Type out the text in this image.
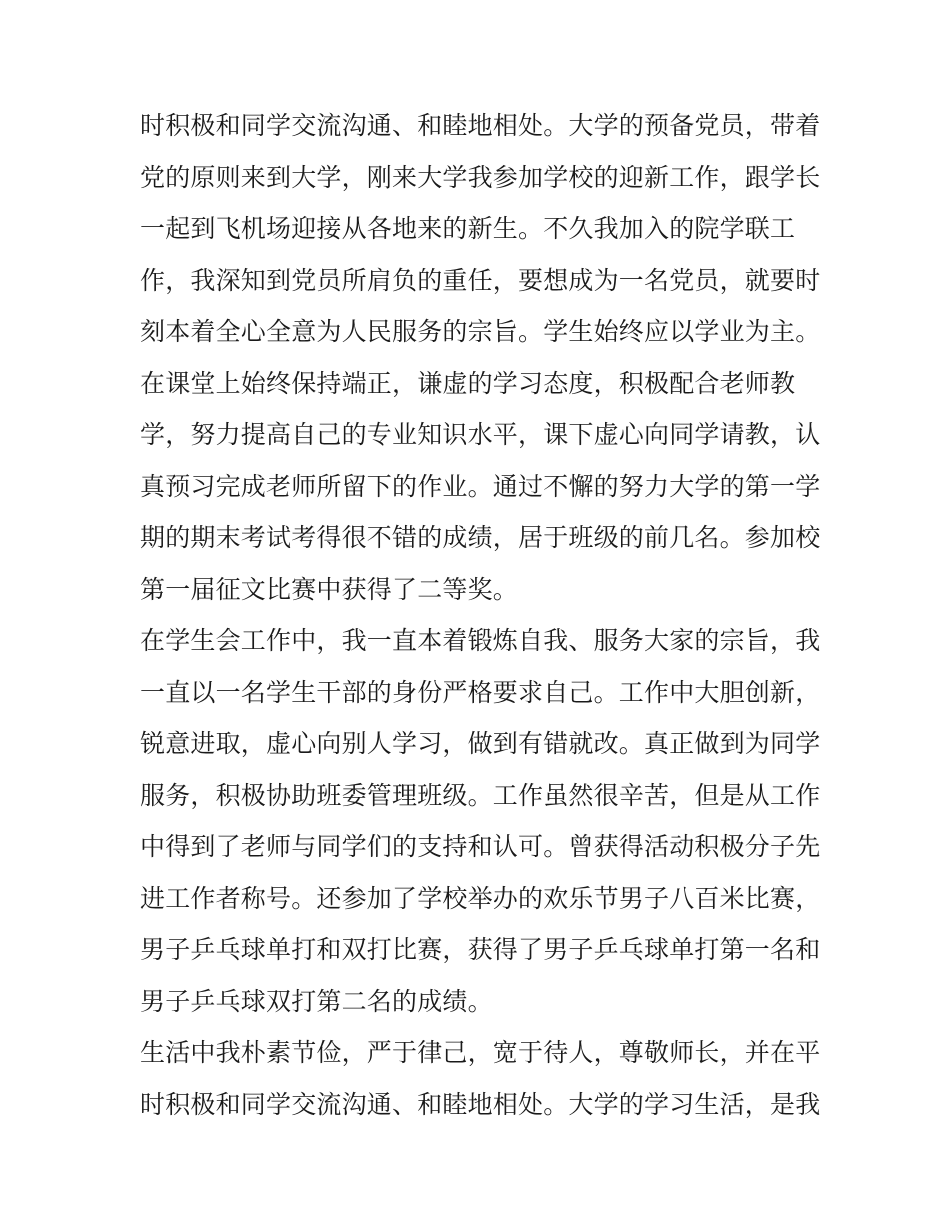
时积极和同学交流沟通、和睦地相处。大学的预备党员，带着
党的原则来到大学，刚来大学我参加学校的迎新工作，跟学长
一起到飞机场迎接从各地来的新生。不久我加入的院学联工
作，我深知到党员所肩负的重任，要想成为一名党员，就要时
刻本着全心全意为人民服务的宗旨。学生始终应以学业为主。
在课堂上始终保持端正，谦虚的学习态度，积极配合老师教
学，努力提高自己的专业知识水平，课下虚心向同学请教，认
真预习完成老师所留下的作业。通过不懈的努力大学的第一学
期的期末考试考得很不错的成绩，居于班级的前几名。参加校
第一届征文比赛中获得了二等奖。
在学生会工作中，我一直本着锻炼自我、服务大家的宗旨，我
一直以一名学生干部的身份严格要求自己。工作中大胆创新，
锐意进取，虚心向别人学习，做到有错就改。真正做到为同学
服务，积极协助班委管理班级。工作虽然很辛苦，但是从工作
中得到了老师与同学们的支持和认可。曾获得活动积极分子先
进工作者称号。还参加了学校举办的欢乐节男子八百米比赛，
男子乒乓球单打和双打比赛，获得了男子乒乓球单打第一名和
男子乒乓球双打第二名的成绩。
生活中我朴素节俭，严于律己，宽于待人，尊敬师长，并在平
时积极和同学交流沟通、和睦地相处。大学的学习生活，是我
